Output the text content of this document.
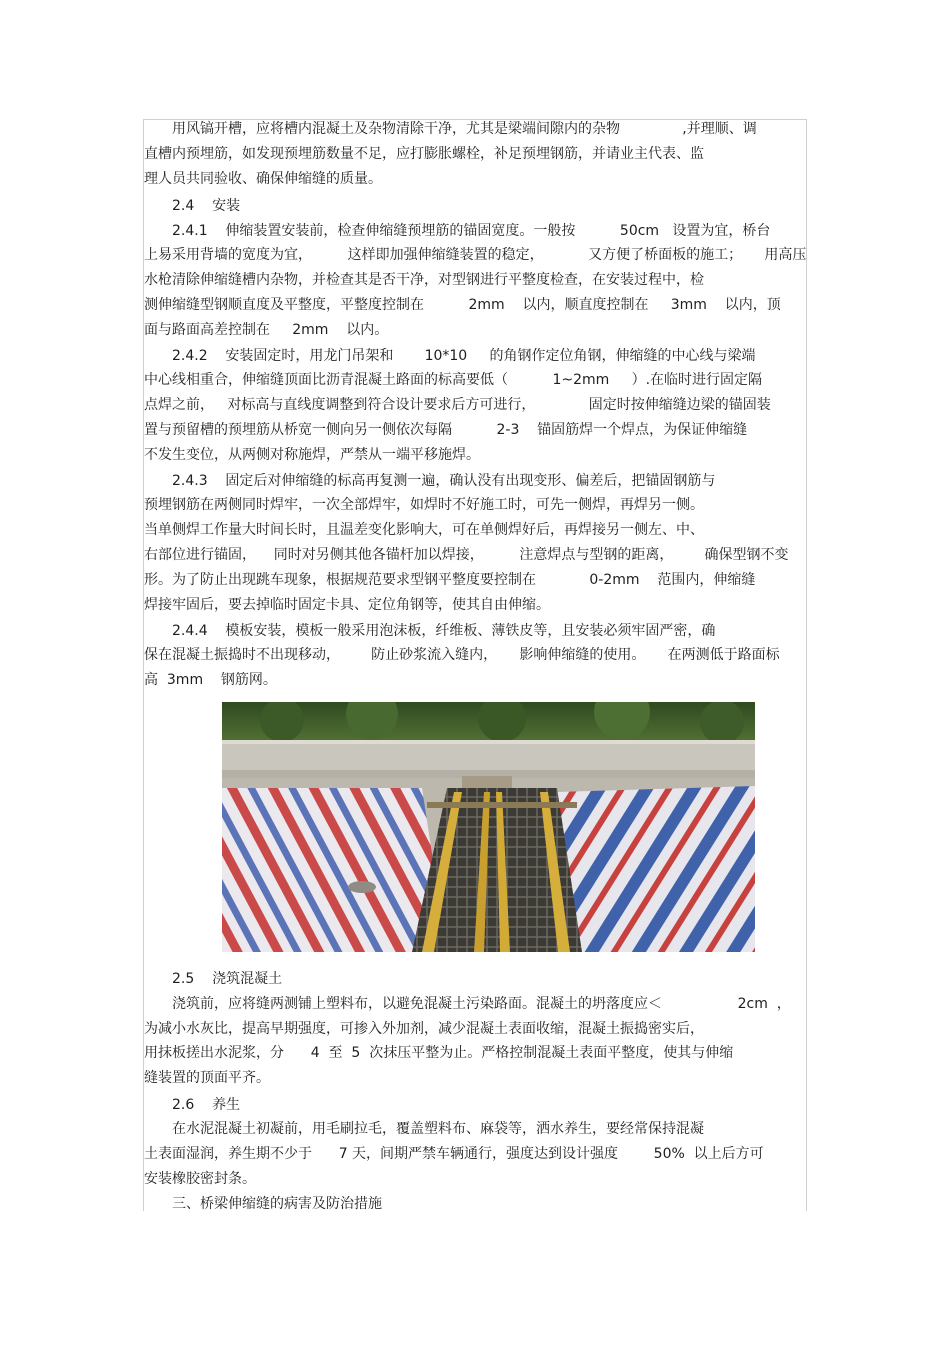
用风镐开槽，应将槽内混凝土及杂物清除干净，尤其是梁端间隙内的杂物              ,并理顺、调
直槽内预埋筋，如发现预埋筋数量不足，应打膨胀螺栓，补足预埋钢筋，并请业主代表、监
理人员共同验收、确保伸缩缝的质量。
2.4    安装
2.4.1    伸缩装置安装前，检查伸缩缝预埋筋的锚固宽度。一般按          50cm   设置为宜，桥台
上易采用背墙的宽度为宜，        这样即加强伸缩缝装置的稳定，          又方便了桥面板的施工；     用高压
水枪清除伸缩缝槽内杂物，并检查其是否干净，对型钢进行平整度检查，在安装过程中，检
测伸缩缝型钢顺直度及平整度，平整度控制在          2mm    以内，顺直度控制在     3mm    以内，顶
面与路面高差控制在     2mm    以内。
2.4.2    安装固定时，用龙门吊架和       10*10     的角钢作定位角钢，伸缩缝的中心线与梁端
中心线相重合，伸缩缝顶面比沥青混凝土路面的标高要低（          1~2mm     ）.在临时进行固定隔
点焊之前，   对标高与直线度调整到符合设计要求后方可进行，            固定时按伸缩缝边梁的锚固装
置与预留槽的预埋筋从桥宽一侧向另一侧依次每隔          2-3    锚固筋焊一个焊点，为保证伸缩缝
不发生变位，从两侧对称施焊，严禁从一端平移施焊。
2.4.3    固定后对伸缩缝的标高再复测一遍，确认没有出现变形、偏差后，把锚固钢筋与
预埋钢筋在两侧同时焊牢，一次全部焊牢，如焊时不好施工时，可先一侧焊，再焊另一侧。
当单侧焊工作量大时间长时，且温差变化影响大，可在单侧焊好后，再焊接另一侧左、中、
右部位进行锚固，    同时对另侧其他各锚杆加以焊接，        注意焊点与型钢的距离，       确保型钢不变
形。为了防止出现跳车现象，根据规范要求型钢平整度要控制在            0-2mm    范围内，伸缩缝
焊接牢固后，要去掉临时固定卡具、定位角钢等，使其自由伸缩。
2.4.4    模板安装，模板一般采用泡沫板，纤维板、薄铁皮等，且安装必须牢固严密，确
保在混凝土振捣时不出现移动，       防止砂浆流入缝内，     影响伸缩缝的使用。     在两测低于路面标
高  3mm    钢筋网。
2.5    浇筑混凝土
浇筑前，应将缝两测铺上塑料布，以避免混凝土污染路面。混凝土的坍落度应＜                 2cm  ，
为减小水灰比，提高早期强度，可掺入外加剂，减少混凝土表面收缩，混凝土振捣密实后，
用抹板搓出水泥浆，分      4  至  5  次抹压平整为止。严格控制混凝土表面平整度，使其与伸缩
缝装置的顶面平齐。
2.6    养生
在水泥混凝土初凝前，用毛刷拉毛，覆盖塑料布、麻袋等，洒水养生，要经常保持混凝
土表面湿润，养生期不少于      7 天，间期严禁车辆通行，强度达到设计强度        50%  以上后方可
安装橡胶密封条。
三、桥梁伸缩缝的病害及防治措施
